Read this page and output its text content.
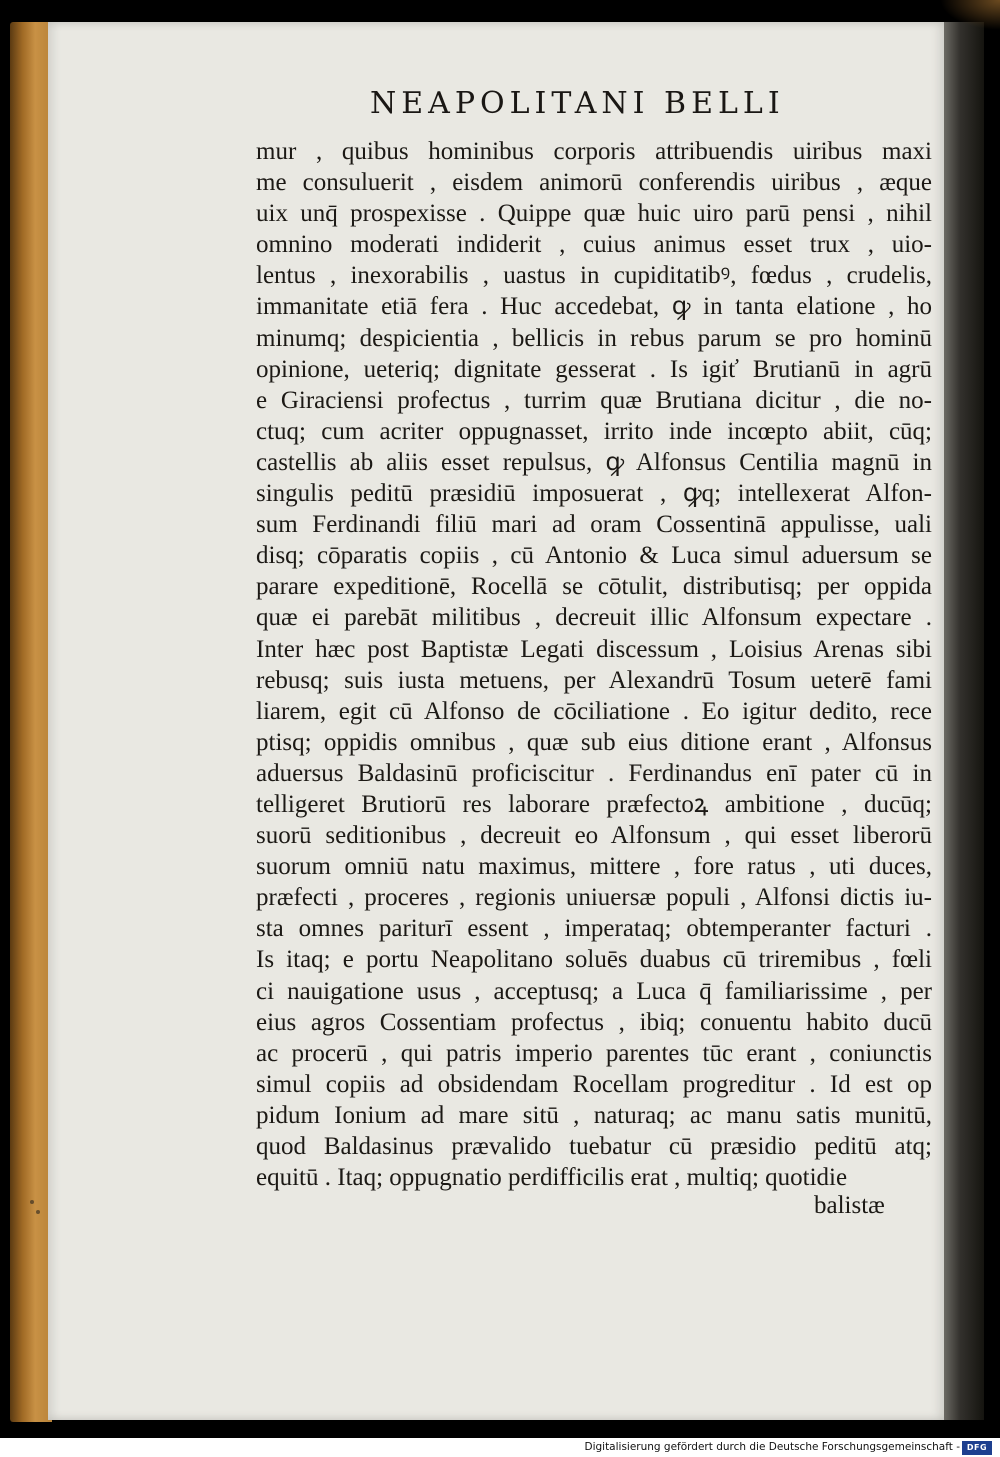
NEAPOLITANI BELLI
mur , quibus hominibus corporis attribuendis uiribus maxi
me consuluerit , eisdem animorū conferendis uiribus , æque
uix unq̄ prospexisse . Quippe quæ huic uiro parū pensi , nihil
omnino moderati indiderit , cuius animus esset trux , uio-
lentus , inexorabilis , uastus in cupiditatibꝰ, fœdus , crudelis,
immanitate etiā fera . Huc accedebat, ꝙ in tanta elatione , ho
minumq; despicientia , bellicis in rebus parum se pro hominū
opinione, ueteriq; dignitate gesserat . Is igiť Brutianū in agrū
e Giraciensi profectus , turrim quæ Brutiana dicitur , die no-
ctuq; cum acriter oppugnasset, irrito inde incœpto abiit, cūq;
castellis ab aliis esset repulsus, ꝙ Alfonsus Centilia magnū in
singulis peditū præsidiū imposuerat , ꝙq; intellexerat Alfon-
sum Ferdinandi filiū mari ad oram Cossentinā appulisse, uali
disq; cōparatis copiis , cū Antonio & Luca simul aduersum se
parare expeditionē, Rocellā se cōtulit, distributisq; per oppida
quæ ei parebāt militibus , decreuit illic Alfonsum expectare .
Inter hæc post Baptistæ Legati discessum , Loisius Arenas sibi
rebusq; suis iusta metuens, per Alexandrū Tosum ueterē fami
liarem, egit cū Alfonso de cōciliatione . Eo igitur dedito, rece
ptisq; oppidis omnibus , quæ sub eius ditione erant , Alfonsus
aduersus Baldasinū proficiscitur . Ferdinandus enī pater cū in
telligeret Brutiorū res laborare præfectoꝝ ambitione , ducūq;
suorū seditionibus , decreuit eo Alfonsum , qui esset liberorū
suorum omniū natu maximus, mittere , fore ratus , uti duces,
præfecti , proceres , regionis uniuersæ populi , Alfonsi dictis iu-
sta omnes pariturī essent , imperataq; obtemperanter facturi .
Is itaq; e portu Neapolitano soluēs duabus cū triremibus , fœli
ci nauigatione usus , acceptusq; a Luca q̄ familiarissime , per
eius agros Cossentiam profectus , ibiq; conuentu habito ducū
ac procerū , qui patris imperio parentes tūc erant , coniunctis
simul copiis ad obsidendam Rocellam progreditur . Id est op
pidum Ionium ad mare sitū , naturaq; ac manu satis munitū,
quod Baldasinus prævalido tuebatur cū præsidio peditū atq;
equitū . Itaq; oppugnatio perdifficilis erat , multiq; quotidie
balistæ
Digitalisierung gefördert durch die Deutsche Forschungsgemeinschaft - DFG
